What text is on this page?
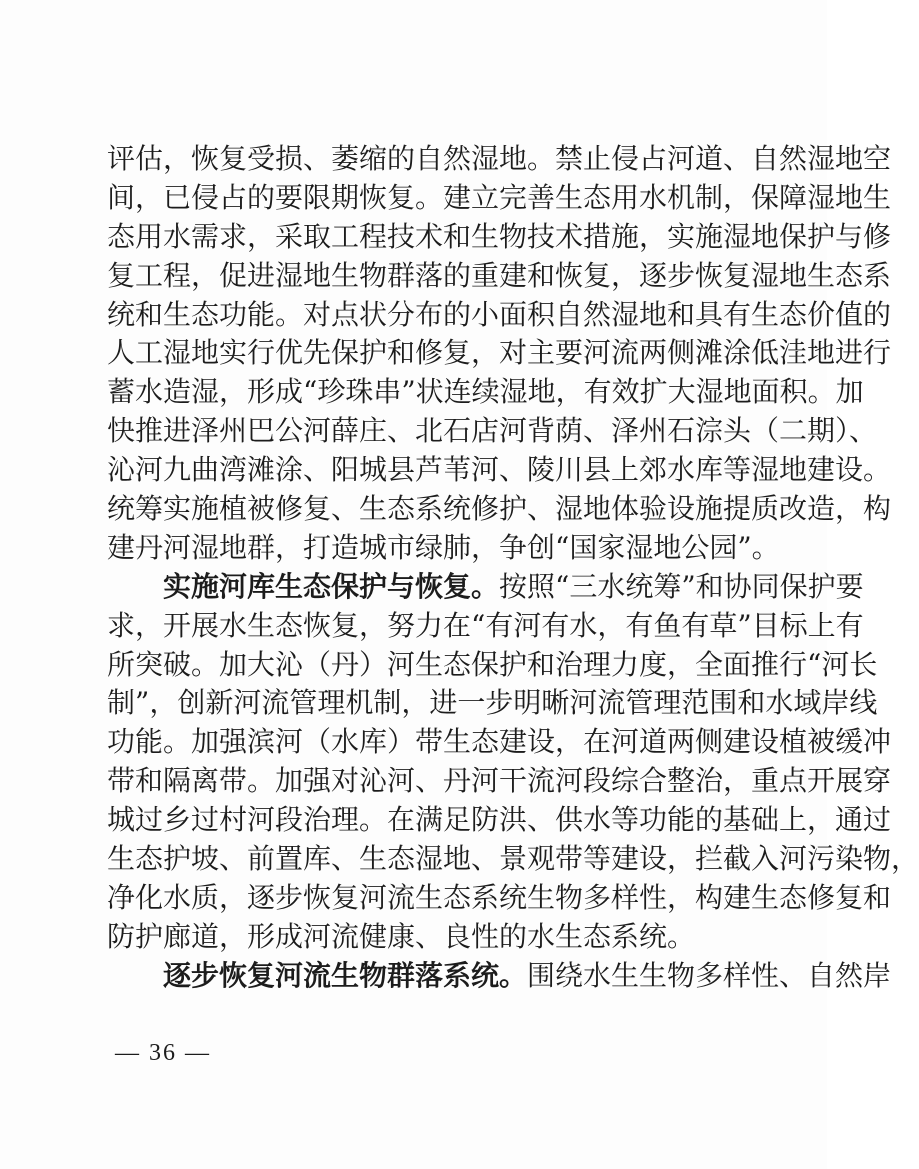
评估，恢复受损、萎缩的自然湿地。禁止侵占河道、自然湿地空
间，已侵占的要限期恢复。建立完善生态用水机制，保障湿地生
态用水需求，采取工程技术和生物技术措施，实施湿地保护与修
复工程，促进湿地生物群落的重建和恢复，逐步恢复湿地生态系
统和生态功能。对点状分布的小面积自然湿地和具有生态价值的
人工湿地实行优先保护和修复，对主要河流两侧滩涂低洼地进行
蓄水造湿，形成“珍珠串”状连续湿地，有效扩大湿地面积。加
快推进泽州巴公河薛庄、北石店河背荫、泽州石淙头（二期）、
沁河九曲湾滩涂、阳城县芦苇河、陵川县上郊水库等湿地建设。
统筹实施植被修复、生态系统修护、湿地体验设施提质改造，构
建丹河湿地群，打造城市绿肺，争创“国家湿地公园”。
实施河库生态保护与恢复。按照“三水统筹”和协同保护要
求，开展水生态恢复，努力在“有河有水，有鱼有草”目标上有
所突破。加大沁（丹）河生态保护和治理力度，全面推行“河长
制”，创新河流管理机制，进一步明晰河流管理范围和水域岸线
功能。加强滨河（水库）带生态建设，在河道两侧建设植被缓冲
带和隔离带。加强对沁河、丹河干流河段综合整治，重点开展穿
城过乡过村河段治理。在满足防洪、供水等功能的基础上，通过
生态护坡、前置库、生态湿地、景观带等建设，拦截入河污染物，
净化水质，逐步恢复河流生态系统生物多样性，构建生态修复和
防护廊道，形成河流健康、良性的水生态系统。
逐步恢复河流生物群落系统。围绕水生生物多样性、自然岸
— 36 —
